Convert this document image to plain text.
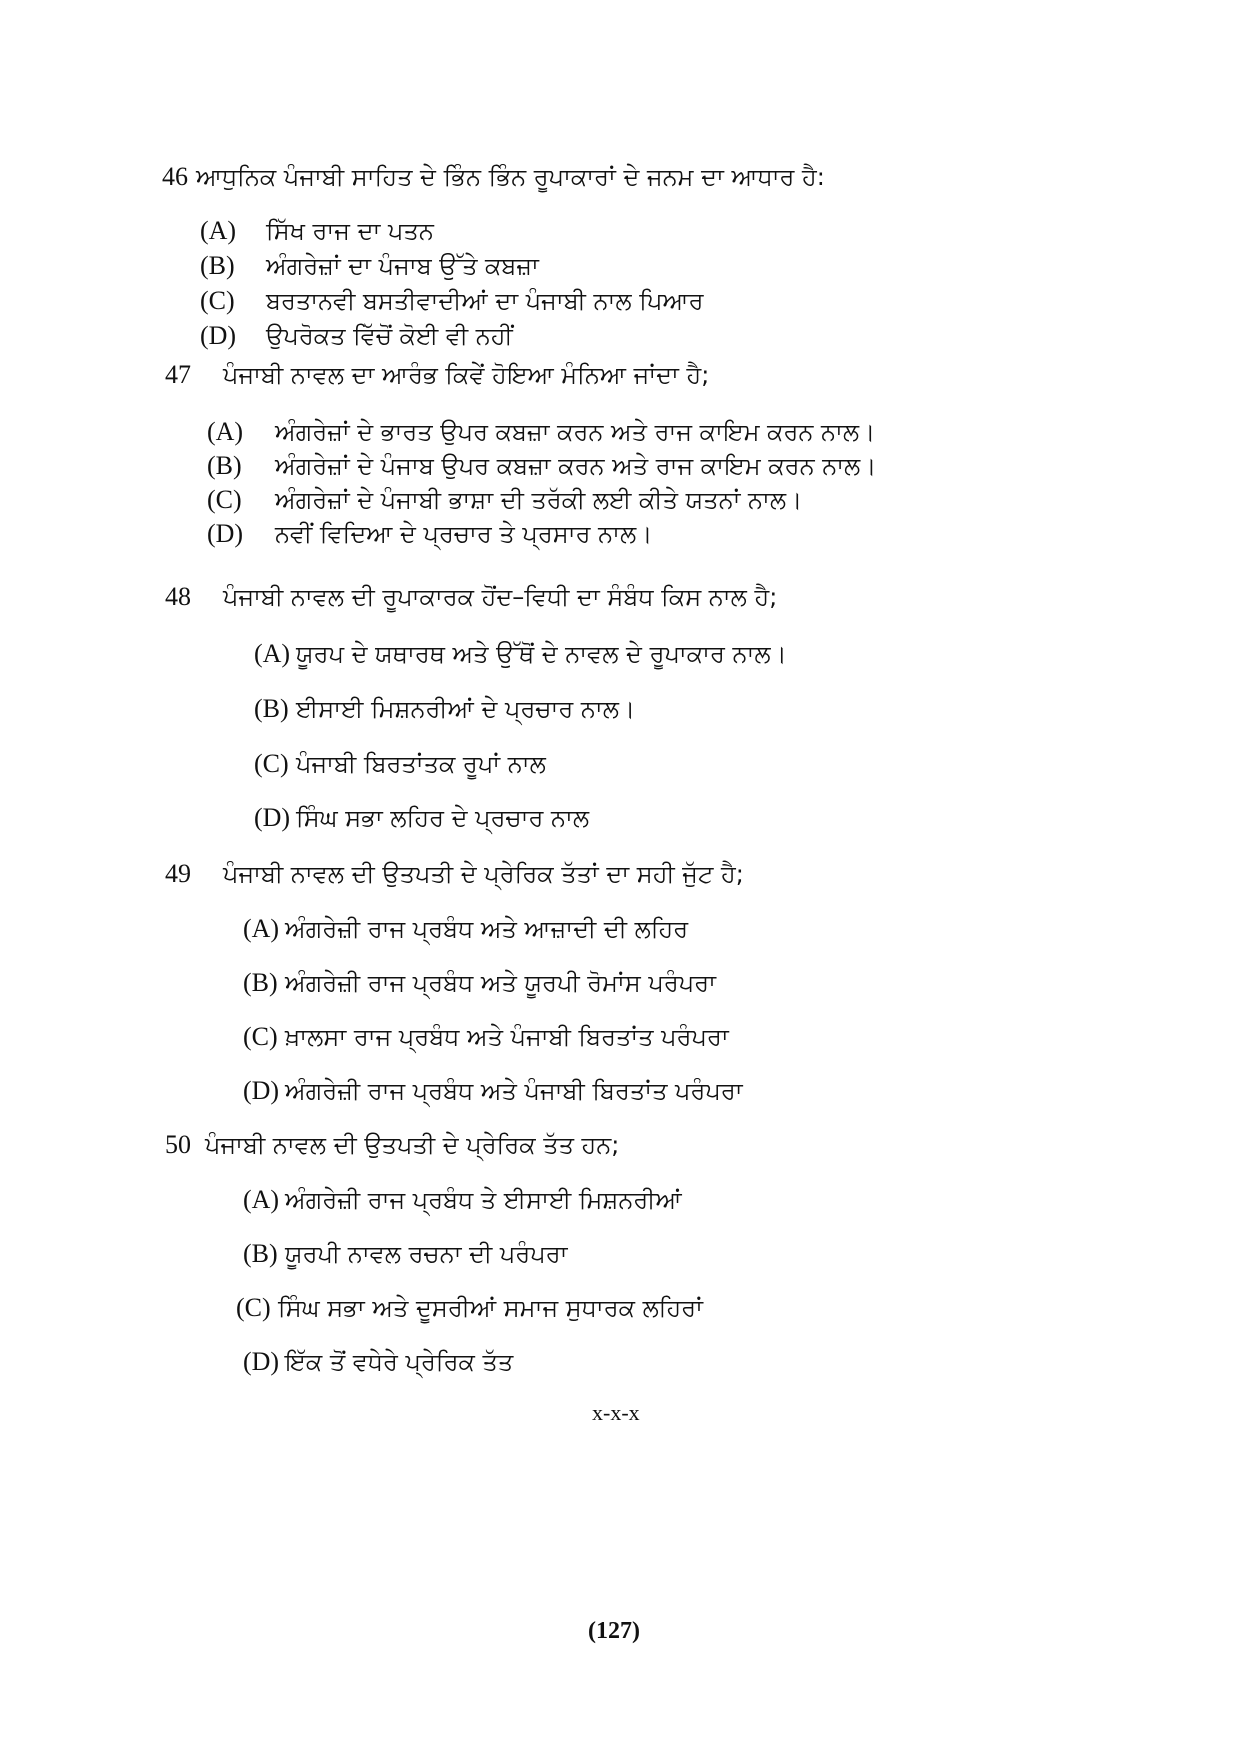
46 ਆਧੁਨਿਕ ਪੰਜਾਬੀ ਸਾਹਿਤ ਦੇ ਭਿੰਨ ਭਿੰਨ ਰੂਪਾਕਾਰਾਂ ਦੇ ਜਨਮ ਦਾ ਆਧਾਰ ਹੈ:
(A) ਸਿੱਖ ਰਾਜ ਦਾ ਪਤਨ
(B) ਅੰਗਰੇਜ਼ਾਂ ਦਾ ਪੰਜਾਬ ਉੱਤੇ ਕਬਜ਼ਾ
(C) ਬਰਤਾਨਵੀ ਬਸਤੀਵਾਦੀਆਂ ਦਾ ਪੰਜਾਬੀ ਨਾਲ ਪਿਆਰ
(D) ਉਪਰੋਕਤ ਵਿੱਚੋਂ ਕੋਈ ਵੀ ਨਹੀਂ
47 ਪੰਜਾਬੀ ਨਾਵਲ ਦਾ ਆਰੰਭ ਕਿਵੇਂ ਹੋਇਆ ਮੰਨਿਆ ਜਾਂਦਾ ਹੈ;
(A) ਅੰਗਰੇਜ਼ਾਂ ਦੇ ਭਾਰਤ ਉਪਰ ਕਬਜ਼ਾ ਕਰਨ ਅਤੇ ਰਾਜ ਕਾਇਮ ਕਰਨ ਨਾਲ।
(B) ਅੰਗਰੇਜ਼ਾਂ ਦੇ ਪੰਜਾਬ ਉਪਰ ਕਬਜ਼ਾ ਕਰਨ ਅਤੇ ਰਾਜ ਕਾਇਮ ਕਰਨ ਨਾਲ।
(C) ਅੰਗਰੇਜ਼ਾਂ ਦੇ ਪੰਜਾਬੀ ਭਾਸ਼ਾ ਦੀ ਤਰੱਕੀ ਲਈ ਕੀਤੇ ਯਤਨਾਂ ਨਾਲ।
(D) ਨਵੀਂ ਵਿਦਿਆ ਦੇ ਪ੍ਰਚਾਰ ਤੇ ਪ੍ਰਸਾਰ ਨਾਲ।
48 ਪੰਜਾਬੀ ਨਾਵਲ ਦੀ ਰੂਪਾਕਾਰਕ ਹੋਂਦ–ਵਿਧੀ ਦਾ ਸੰਬੰਧ ਕਿਸ ਨਾਲ ਹੈ;
(A) ਯੂਰਪ ਦੇ ਯਥਾਰਥ ਅਤੇ ਉੱਥੋਂ ਦੇ ਨਾਵਲ ਦੇ ਰੂਪਾਕਾਰ ਨਾਲ।
(B) ਈਸਾਈ ਮਿਸ਼ਨਰੀਆਂ ਦੇ ਪ੍ਰਚਾਰ ਨਾਲ।
(C) ਪੰਜਾਬੀ ਬਿਰਤਾਂਤਕ ਰੂਪਾਂ ਨਾਲ
(D) ਸਿੰਘ ਸਭਾ ਲਹਿਰ ਦੇ ਪ੍ਰਚਾਰ ਨਾਲ
49 ਪੰਜਾਬੀ ਨਾਵਲ ਦੀ ਉਤਪਤੀ ਦੇ ਪ੍ਰੇਰਿਕ ਤੱਤਾਂ ਦਾ ਸਹੀ ਜੁੱਟ ਹੈ;
(A) ਅੰਗਰੇਜ਼ੀ ਰਾਜ ਪ੍ਰਬੰਧ ਅਤੇ ਆਜ਼ਾਦੀ ਦੀ ਲਹਿਰ
(B) ਅੰਗਰੇਜ਼ੀ ਰਾਜ ਪ੍ਰਬੰਧ ਅਤੇ ਯੂਰਪੀ ਰੋਮਾਂਸ ਪਰੰਪਰਾ
(C) ਖ਼ਾਲਸਾ ਰਾਜ ਪ੍ਰਬੰਧ ਅਤੇ ਪੰਜਾਬੀ ਬਿਰਤਾਂਤ ਪਰੰਪਰਾ
(D) ਅੰਗਰੇਜ਼ੀ ਰਾਜ ਪ੍ਰਬੰਧ ਅਤੇ ਪੰਜਾਬੀ ਬਿਰਤਾਂਤ ਪਰੰਪਰਾ
50 ਪੰਜਾਬੀ ਨਾਵਲ ਦੀ ਉਤਪਤੀ ਦੇ ਪ੍ਰੇਰਿਕ ਤੱਤ ਹਨ;
(A) ਅੰਗਰੇਜ਼ੀ ਰਾਜ ਪ੍ਰਬੰਧ ਤੇ ਈਸਾਈ ਮਿਸ਼ਨਰੀਆਂ
(B) ਯੂਰਪੀ ਨਾਵਲ ਰਚਨਾ ਦੀ ਪਰੰਪਰਾ
(C) ਸਿੰਘ ਸਭਾ ਅਤੇ ਦੂਸਰੀਆਂ ਸਮਾਜ ਸੁਧਾਰਕ ਲਹਿਰਾਂ
(D) ਇੱਕ ਤੋਂ ਵਧੇਰੇ ਪ੍ਰੇਰਿਕ ਤੱਤ
x-x-x
(127)
